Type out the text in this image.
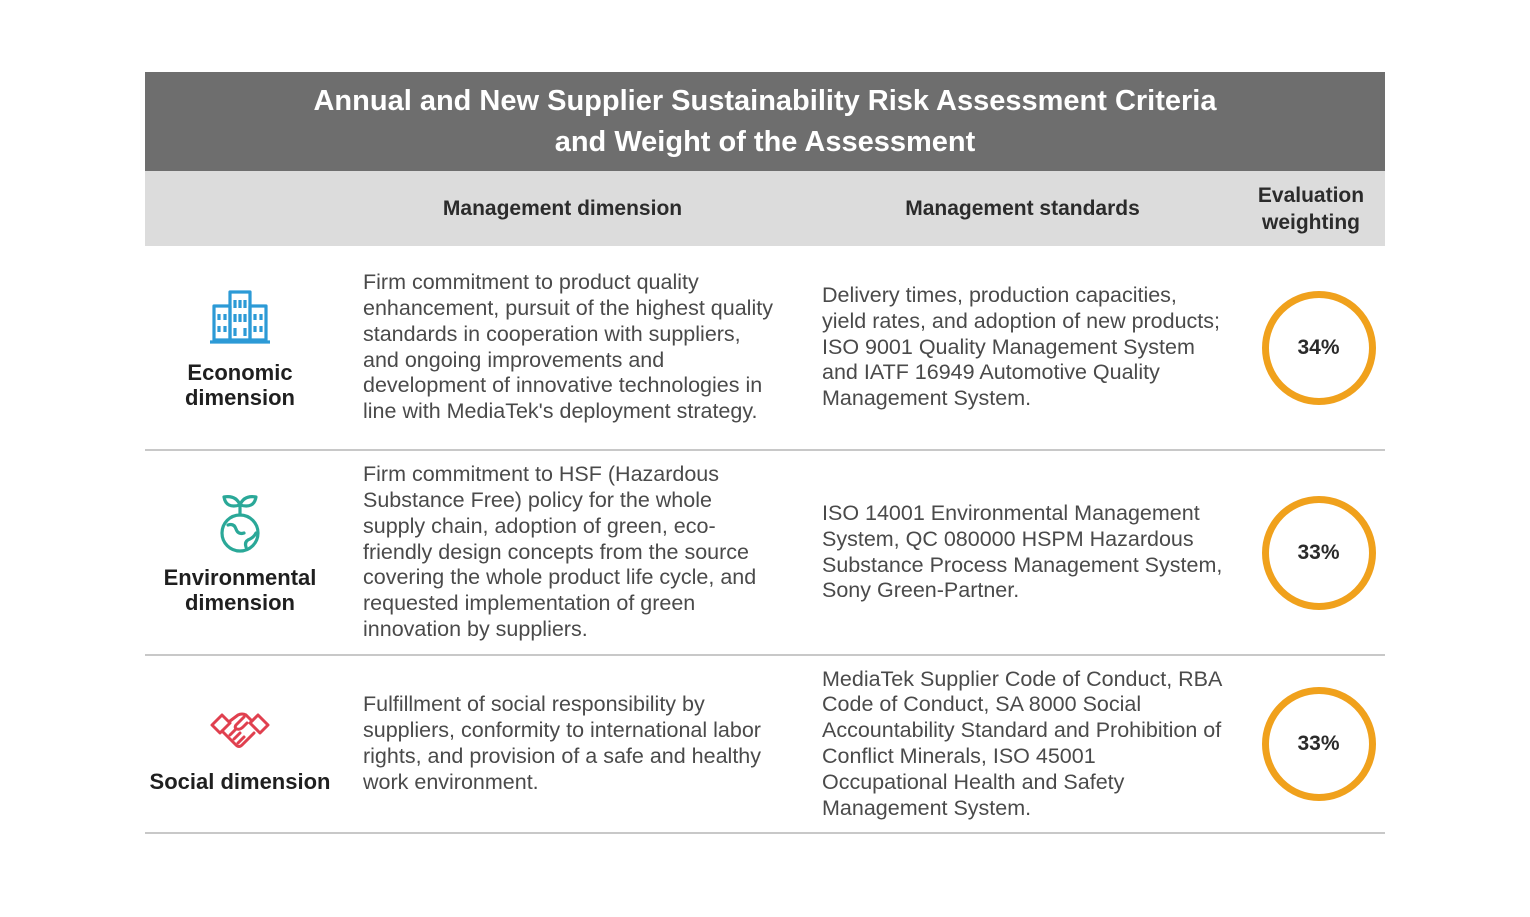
Annual and New Supplier Sustainability Risk Assessment Criteria
and Weight of the Assessment
Management dimension	Management standards
Evaluation weighting
Economic dimension
Firm commitment to product quality enhancement, pursuit of the highest quality standards in cooperation with suppliers, and ongoing improvements and development of innovative technologies in line with MediaTek's deployment strategy.
Delivery times, production capacities, yield rates, and adoption of new products; ISO 9001 Quality Management System and IATF 16949 Automotive Quality Management System.
34%
Environmental dimension
Firm commitment to HSF (Hazardous Substance Free) policy for the whole supply chain, adoption of green, eco-friendly design concepts from the source covering the whole product life cycle, and requested implementation of green innovation by suppliers.
ISO 14001 Environmental Management System, QC 080000 HSPM Hazardous Substance Process Management System, Sony Green-Partner.
33%
Social dimension
Fulfillment of social responsibility by suppliers, conformity to international labor rights, and provision of a safe and healthy work environment.
MediaTek Supplier Code of Conduct, RBA Code of Conduct, SA 8000 Social Accountability Standard and Prohibition of Conflict Minerals, ISO 45001 Occupational Health and Safety Management System.
33%
